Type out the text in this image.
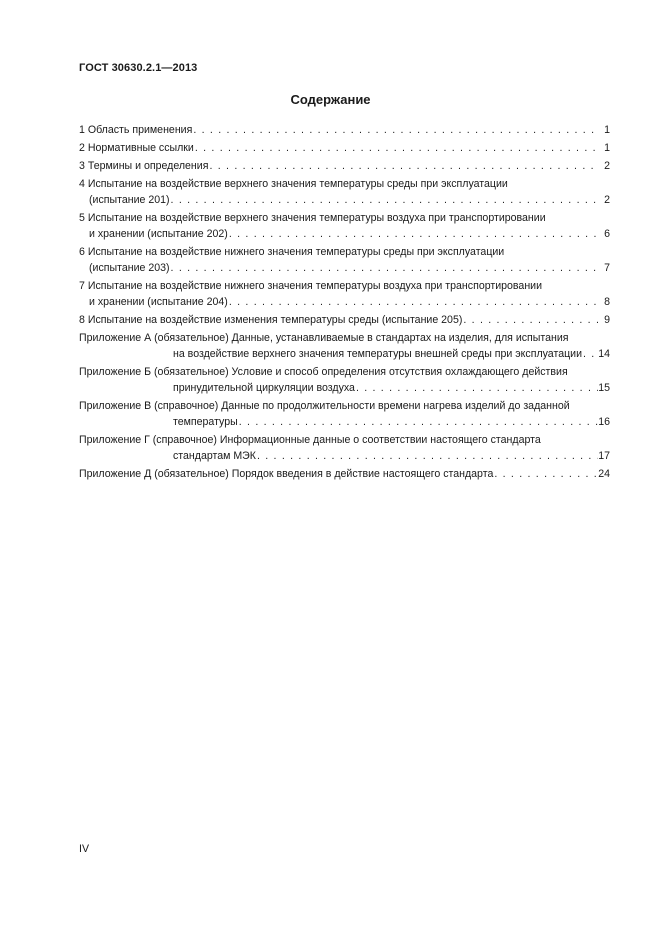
ГОСТ 30630.2.1—2013
Содержание
1 Область применения . . .	1
2 Нормативные ссылки . . .	1
3 Термины и определения . . .	2
4 Испытание на воздействие верхнего значения температуры среды при эксплуатации
(испытание 201) . . .	2
5 Испытание на воздействие верхнего значения температуры воздуха при транспортировании
и хранении (испытание 202) . . .	6
6 Испытание на воздействие нижнего значения температуры среды при эксплуатации
(испытание 203) . . .	7
7 Испытание на воздействие нижнего значения температуры воздуха при транспортировании
и хранении (испытание 204) . . .	8
8 Испытание на воздействие изменения температуры среды (испытание 205) . . .	9
Приложение А (обязательное) Данные, устанавливаемые в стандартах на изделия, для испытания
на воздействие верхнего значения температуры внешней среды при эксплуатации . . . 14
Приложение Б (обязательное) Условие и способ определения отсутствия охлаждающего действия
принудительной циркуляции воздуха . . .	15
Приложение В (справочное) Данные по продолжительности времени нагрева изделий до заданной
температуры . . .	16
Приложение Г (справочное) Информационные данные о соответствии настоящего стандарта
стандартам МЭК . . .	17
Приложение Д (обязательное) Порядок введения в действие настоящего стандарта . . .	24
IV
